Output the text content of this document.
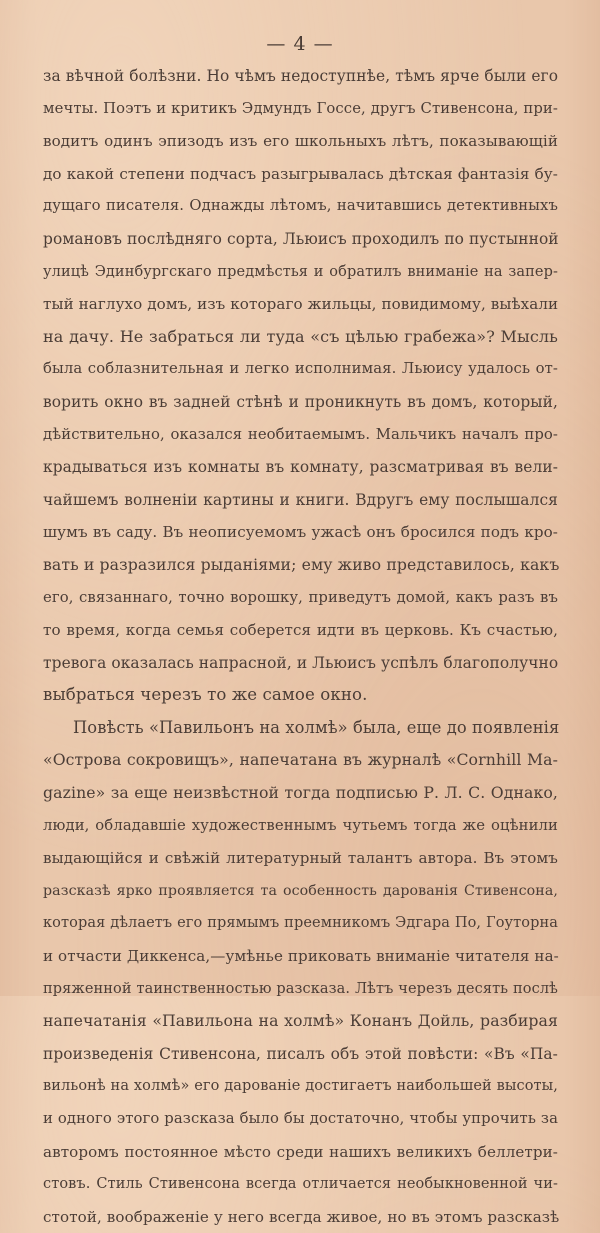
— 4 —
за вѣчной болѣзни. Но чѣмъ недоступнѣе, тѣмъ ярче были его
мечты. Поэтъ и критикъ Эдмундъ Госсе, другъ Стивенсона, при-
водитъ одинъ эпизодъ изъ его школьныхъ лѣтъ, показывающій
до какой степени подчасъ разыгрывалась дѣтская фантазія бу-
дущаго писателя. Однажды лѣтомъ, начитавшись детективныхъ
романовъ послѣдняго сорта, Льюисъ проходилъ по пустынной
улицѣ Эдинбургскаго предмѣстья и обратилъ вниманіе на запер-
тый наглухо домъ, изъ котораго жильцы, повидимому, выѣхали
на дачу. Не забраться ли туда «съ цѣлью грабежа»? Мысль
была соблазнительная и легко исполнимая. Льюису удалось от-
ворить окно въ задней стѣнѣ и проникнуть въ домъ, который,
дѣйствительно, оказался необитаемымъ. Мальчикъ началъ про-
крадываться изъ комнаты въ комнату, разсматривая въ вели-
чайшемъ волненіи картины и книги. Вдругъ ему послышался
шумъ въ саду. Въ неописуемомъ ужасѣ онъ бросился подъ кро-
вать и разразился рыданіями; ему живо представилось, какъ
его, связаннаго, точно ворошку, приведутъ домой, какъ разъ въ
то время, когда семья соберется идти въ церковь. Къ счастью,
тревога оказалась напрасной, и Льюисъ успѣлъ благополучно
выбраться черезъ то же самое окно.
Повѣсть «Павильонъ на холмѣ» была, еще до появленія
«Острова сокровищъ», напечатана въ журналѣ «Cornhill Ma-
gazine» за еще неизвѣстной тогда подписью Р. Л. С. Однако,
люди, обладавшіе художественнымъ чутьемъ тогда же оцѣнили
выдающійся и свѣжій литературный талантъ автора. Въ этомъ
разсказѣ ярко проявляется та особенность дарованія Стивенсона,
которая дѣлаетъ его прямымъ преемникомъ Эдгара По, Гоуторна
и отчасти Диккенса,—умѣнье приковать вниманіе читателя на-
пряженной таинственностью разсказа. Лѣтъ черезъ десять послѣ
напечатанія «Павильона на холмѣ» Конанъ Дойль, разбирая
произведенія Стивенсона, писалъ объ этой повѣсти: «Въ «Па-
вильонѣ на холмѣ» его дарованіе достигаетъ наибольшей высоты,
и одного этого разсказа было бы достаточно, чтобы упрочить за
авторомъ постоянное мѣсто среди нашихъ великихъ беллетри-
стовъ. Стиль Стивенсона всегда отличается необыкновенной чи-
стотой, воображеніе у него всегда живое, но въ этомъ разсказѣ
